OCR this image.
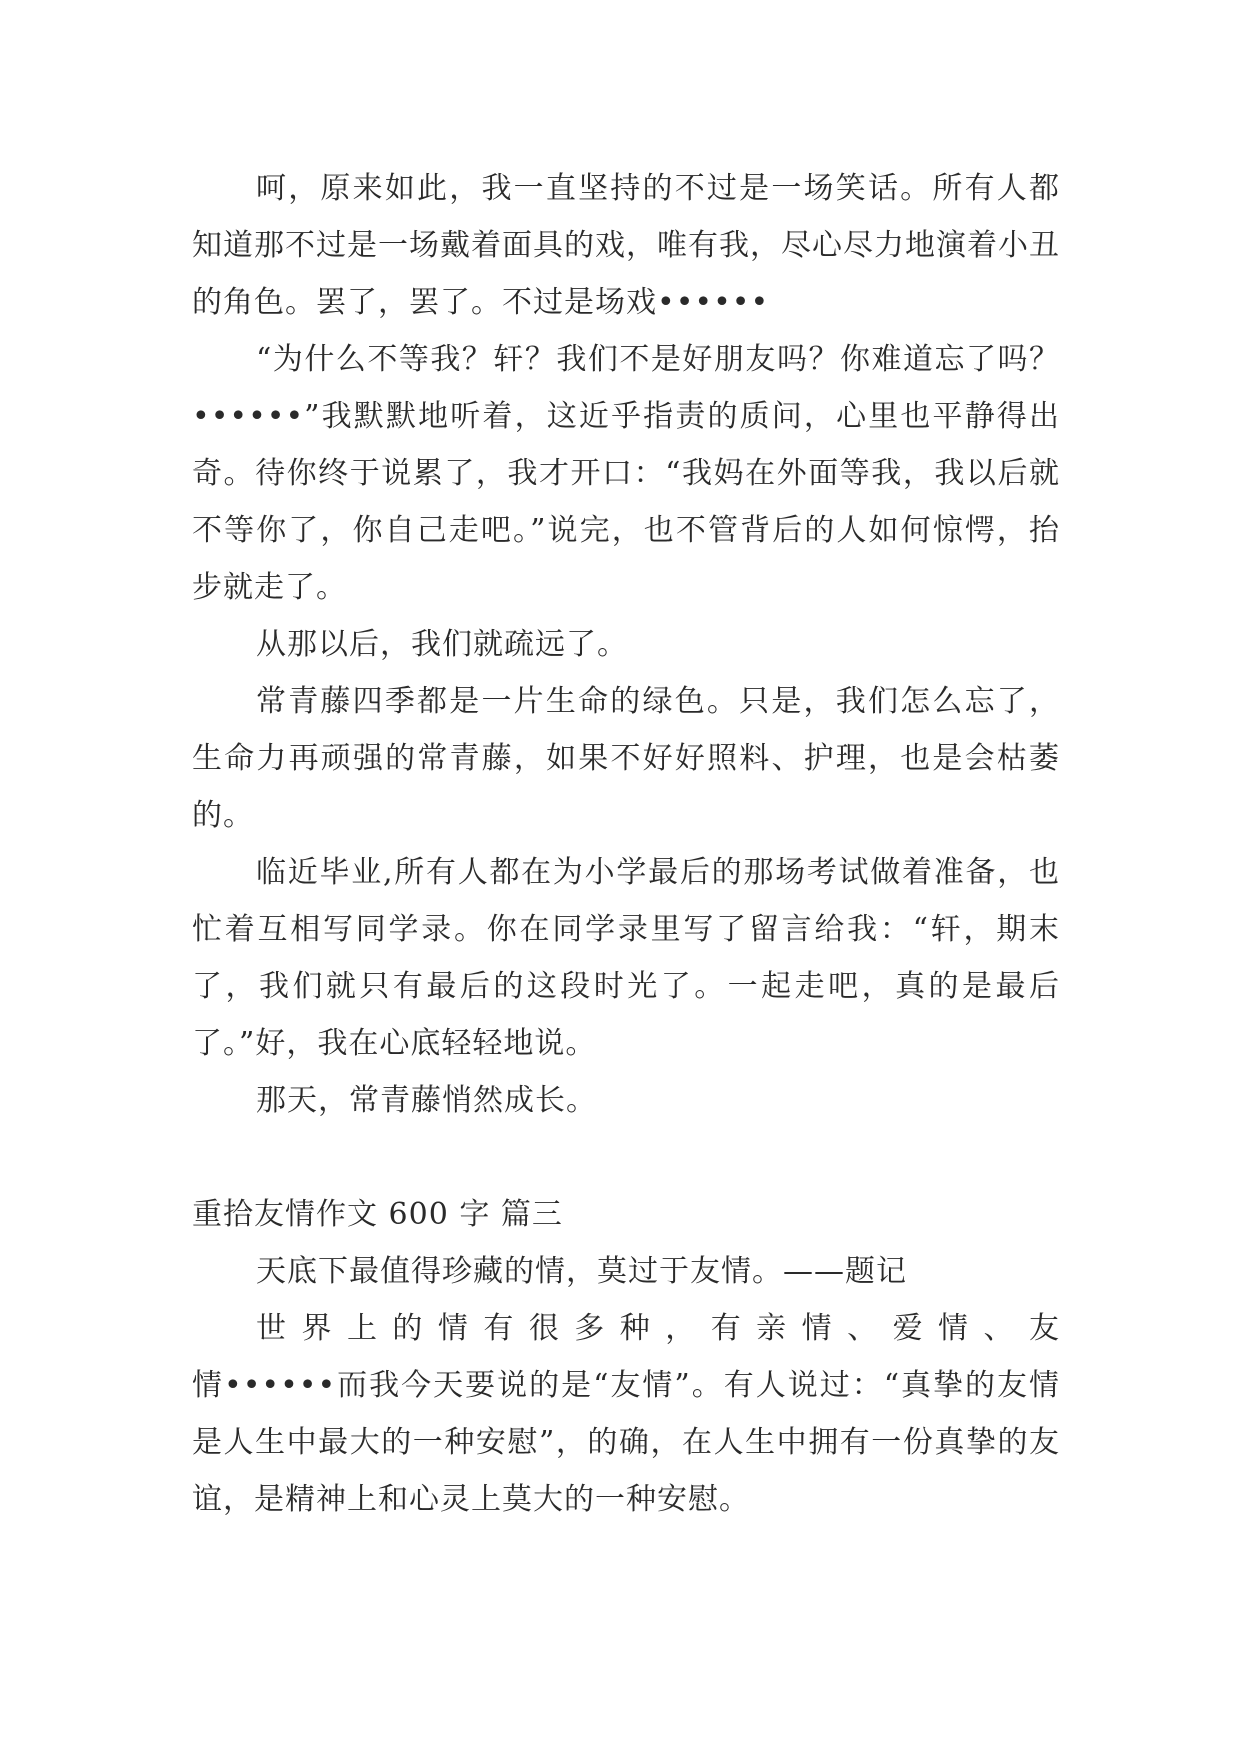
呵，原来如此，我一直坚持的不过是一场笑话。所有人都知道那不过是一场戴着面具的戏，唯有我，尽心尽力地演着小丑的角色。罢了，罢了。不过是场戏••••••

“为什么不等我？轩？我们不是好朋友吗？你难道忘了吗？••••••”我默默地听着，这近乎指责的质问，心里也平静得出奇。待你终于说累了，我才开口：“我妈在外面等我，我以后就不等你了，你自己走吧。”说完，也不管背后的人如何惊愕，抬步就走了。

从那以后，我们就疏远了。

常青藤四季都是一片生命的绿色。只是，我们怎么忘了，生命力再顽强的常青藤，如果不好好照料、护理，也是会枯萎的。

临近毕业,所有人都在为小学最后的那场考试做着准备，也忙着互相写同学录。你在同学录里写了留言给我：“轩，期末了，我们就只有最后的这段时光了。一起走吧，真的是最后了。”好，我在心底轻轻地说。

那天，常青藤悄然成长。

重拾友情作文 600 字 篇三

天底下最值得珍藏的情，莫过于友情。——题记

世界上的情有很多种，有亲情、爱情、友

情••••••而我今天要说的是“友情”。有人说过：“真挚的友情是人生中最大的一种安慰”，的确，在人生中拥有一份真挚的友谊，是精神上和心灵上莫大的一种安慰。
